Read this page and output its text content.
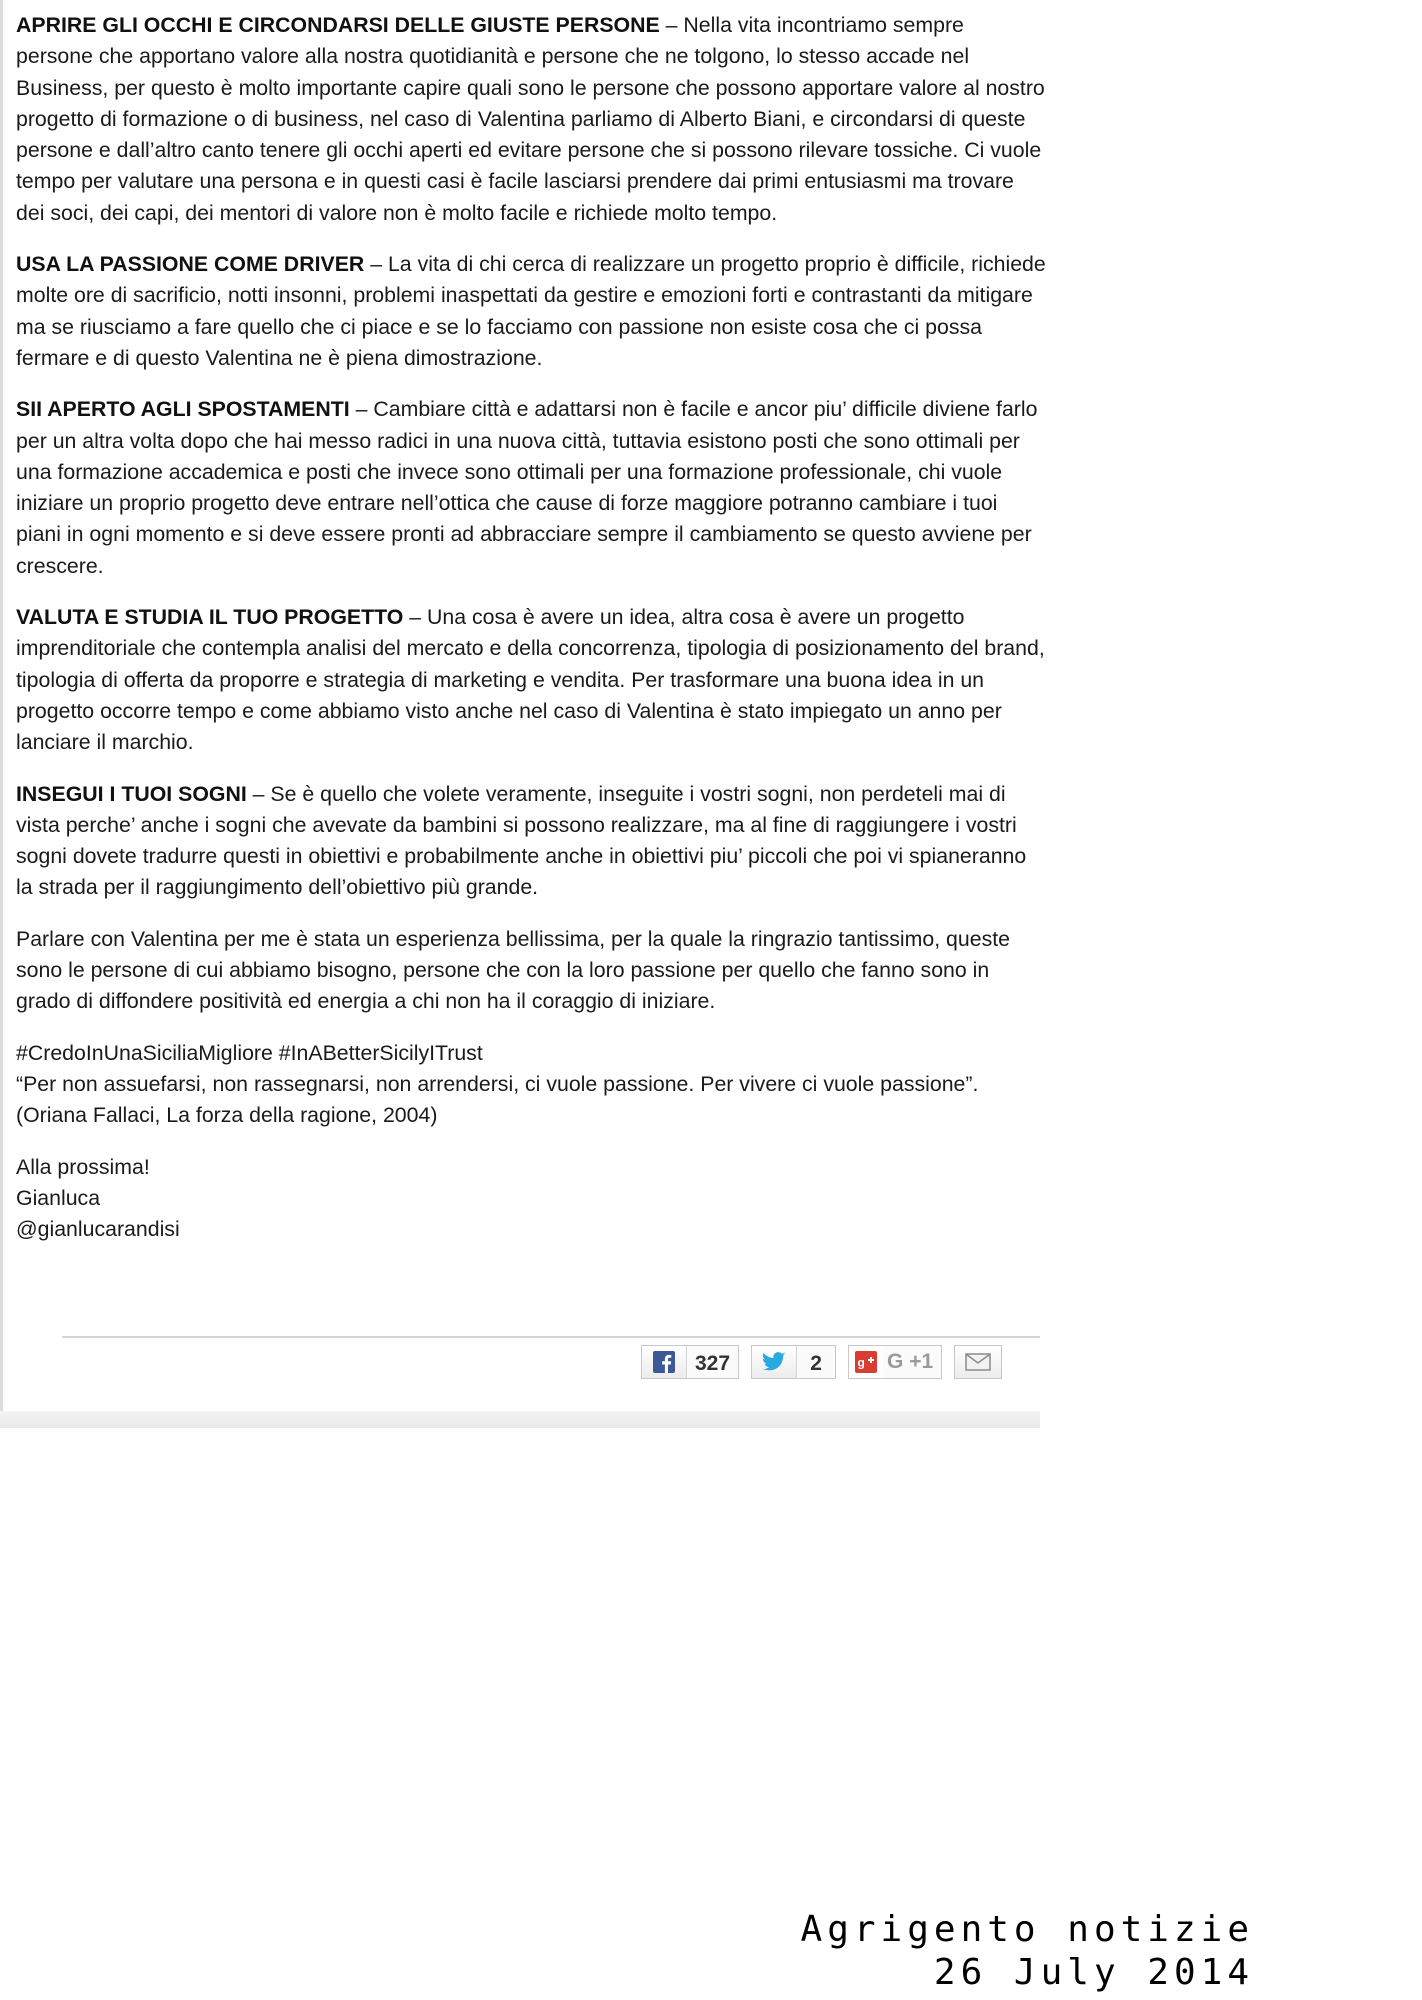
APRIRE GLI OCCHI E CIRCONDARSI DELLE GIUSTE PERSONE – Nella vita incontriamo sempre persone che apportano valore alla nostra quotidianità e persone che ne tolgono, lo stesso accade nel Business, per questo è molto importante capire quali sono le persone che possono apportare valore al nostro progetto di formazione o di business, nel caso di Valentina parliamo di Alberto Biani, e circondarsi di queste persone e dall’altro canto tenere gli occhi aperti ed evitare persone che si possono rilevare tossiche. Ci vuole tempo per valutare una persona e in questi casi è facile lasciarsi prendere dai primi entusiasmi ma trovare dei soci, dei capi, dei mentori di valore non è molto facile e richiede molto tempo.

USA LA PASSIONE COME DRIVER – La vita di chi cerca di realizzare un progetto proprio è difficile, richiede molte ore di sacrificio, notti insonni, problemi inaspettati da gestire e emozioni forti e contrastanti da mitigare ma se riusciamo a fare quello che ci piace e se lo facciamo con passione non esiste cosa che ci possa fermare e di questo Valentina ne è piena dimostrazione.

SII APERTO AGLI SPOSTAMENTI – Cambiare città e adattarsi non è facile e ancor piu’ difficile diviene farlo per un altra volta dopo che hai messo radici in una nuova città, tuttavia esistono posti che sono ottimali per una formazione accademica e posti che invece sono ottimali per una formazione professionale, chi vuole iniziare un proprio progetto deve entrare nell’ottica che cause di forze maggiore potranno cambiare i tuoi piani in ogni momento e si deve essere pronti ad abbracciare sempre il cambiamento se questo avviene per crescere.

VALUTA E STUDIA IL TUO PROGETTO – Una cosa è avere un idea, altra cosa è avere un progetto imprenditoriale che contempla analisi del mercato e della concorrenza, tipologia di posizionamento del brand, tipologia di offerta da proporre e strategia di marketing e vendita. Per trasformare una buona idea in un progetto occorre tempo e come abbiamo visto anche nel caso di Valentina è stato impiegato un anno per lanciare il marchio.

INSEGUI I TUOI SOGNI – Se è quello che volete veramente, inseguite i vostri sogni, non perdeteli mai di vista perche’ anche i sogni che avevate da bambini si possono realizzare, ma al fine di raggiungere i vostri sogni dovete tradurre questi in obiettivi e probabilmente anche in obiettivi piu’ piccoli che poi vi spianeranno la strada per il raggiungimento dell’obiettivo più grande.

Parlare con Valentina per me è stata un esperienza bellissima, per la quale la ringrazio tantissimo, queste sono le persone di cui abbiamo bisogno, persone che con la loro passione per quello che fanno sono in grado di diffondere positività ed energia a chi non ha il coraggio di iniziare.

#CredoInUnaSiciliaMigliore #InABetterSicilyITrust
“Per non assuefarsi, non rassegnarsi, non arrendersi, ci vuole passione. Per vivere ci vuole passione”. (Oriana Fallaci, La forza della ragione, 2004)

Alla prossima!
Gianluca
@gianlucarandisi

327	2	g G +1
Agrigento notizie
26 July 2014
